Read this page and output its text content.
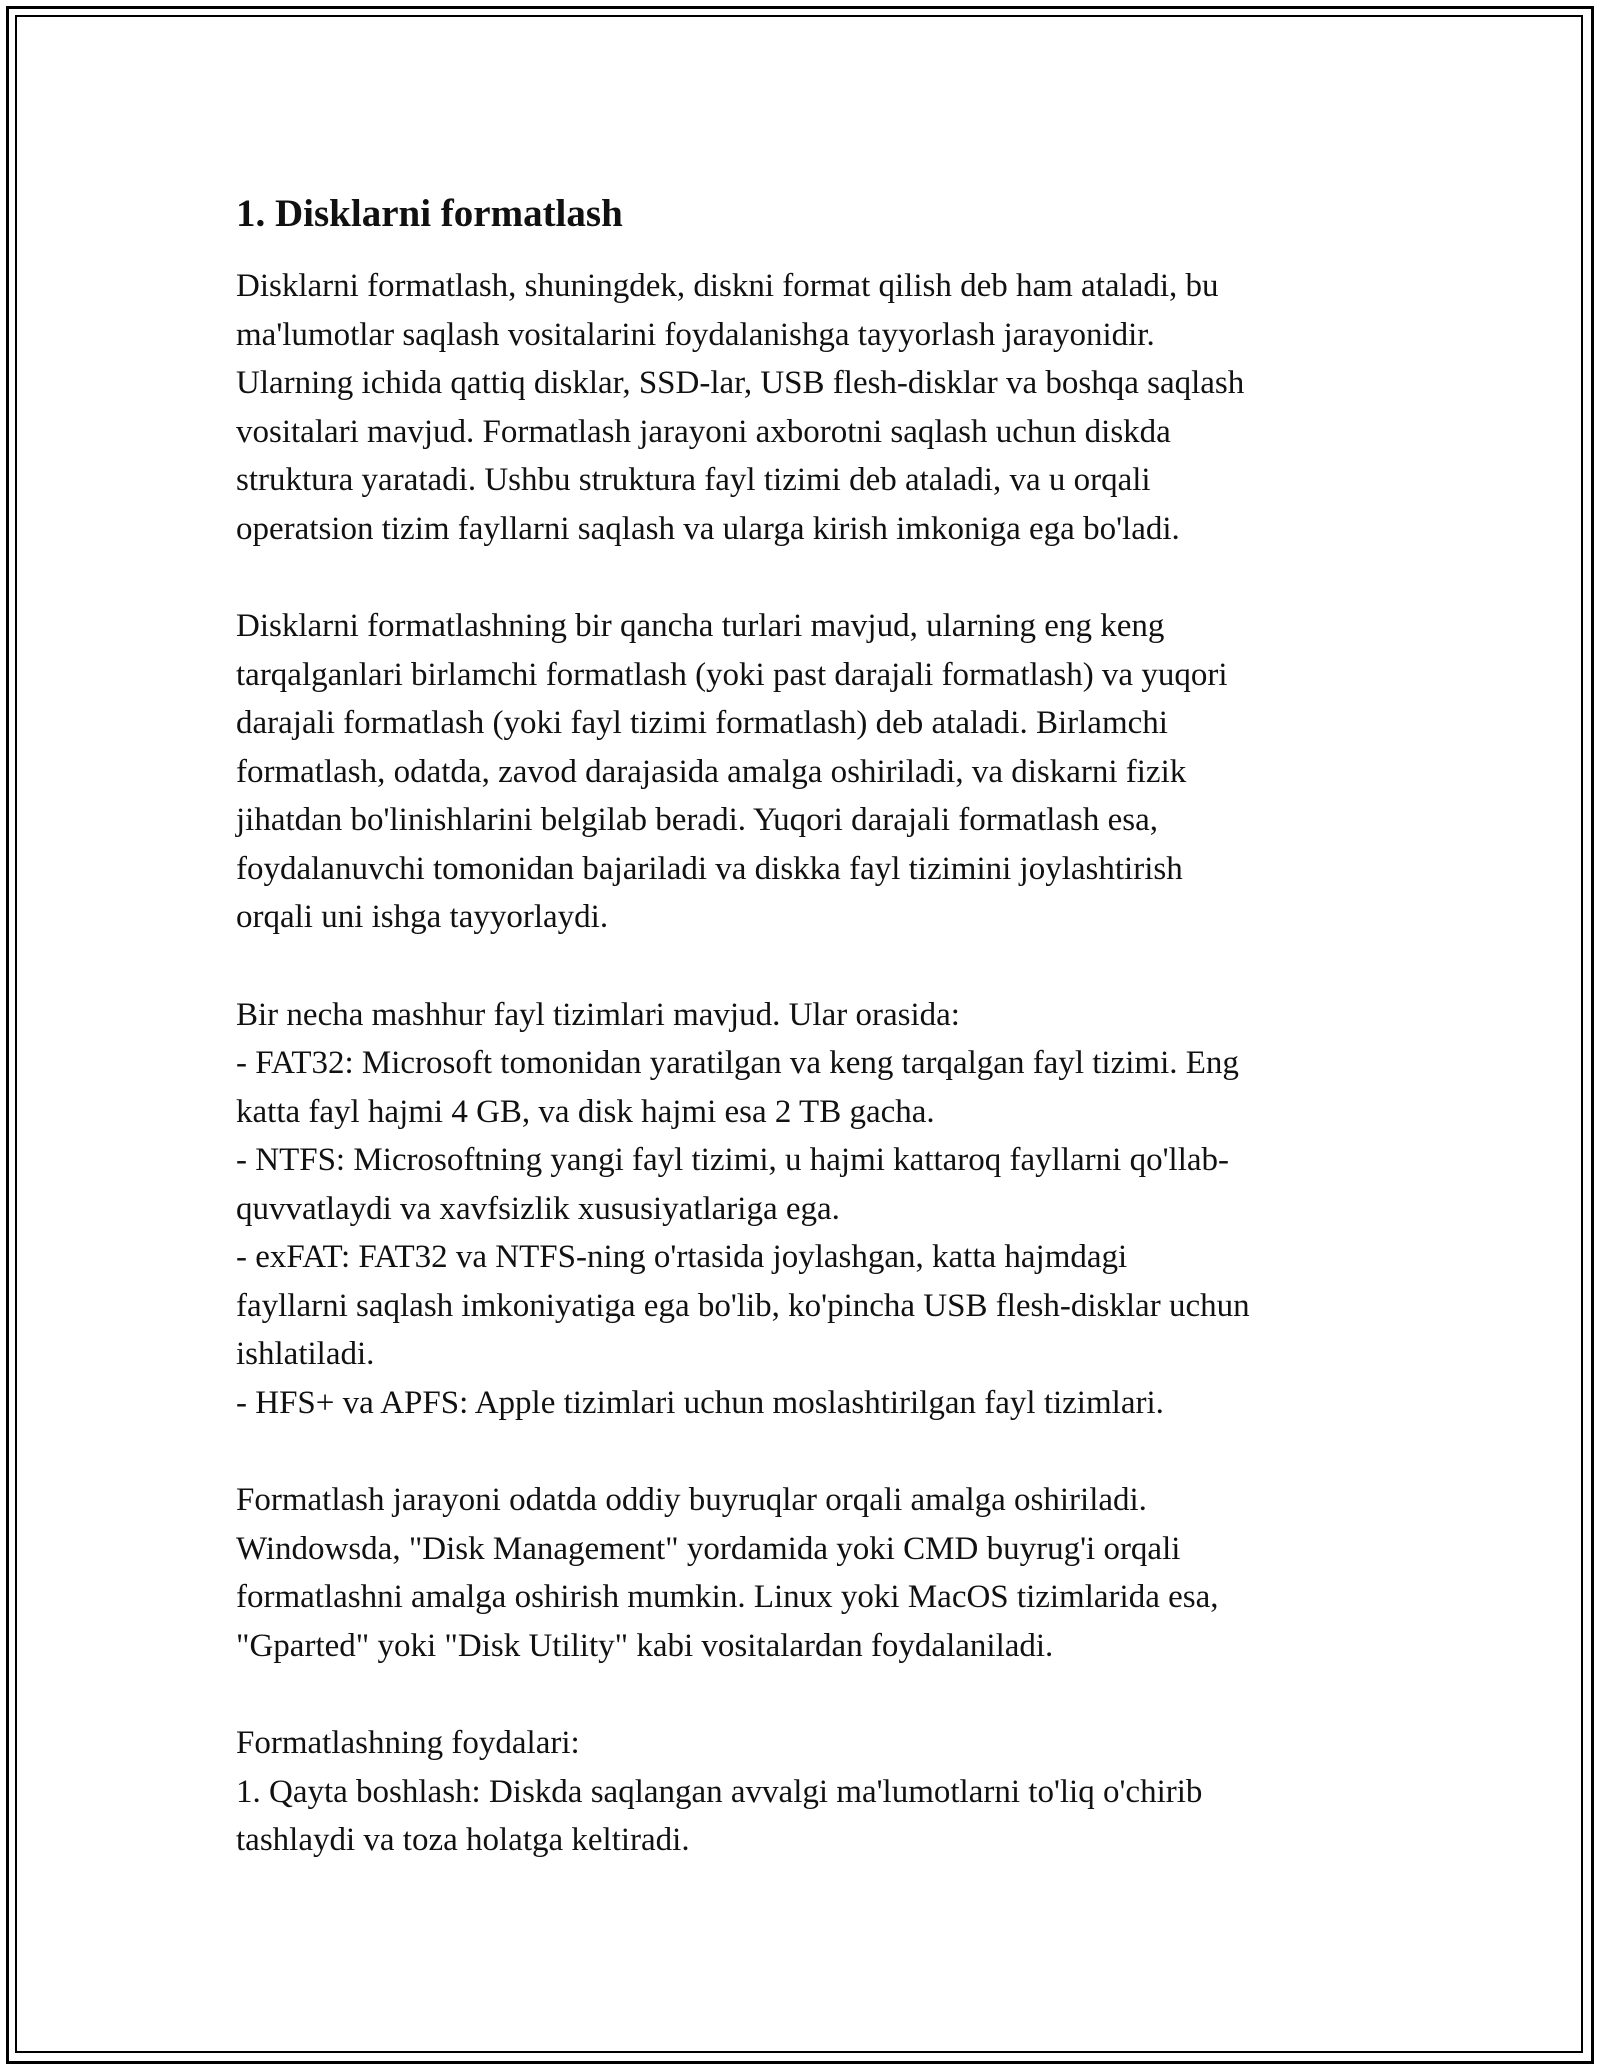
1. Disklarni formatlash

Disklarni formatlash, shuningdek, diskni format qilish deb ham ataladi, bu
ma'lumotlar saqlash vositalarini foydalanishga tayyorlash jarayonidir.
Ularning ichida qattiq disklar, SSD-lar, USB flesh-disklar va boshqa saqlash
vositalari mavjud. Formatlash jarayoni axborotni saqlash uchun diskda
struktura yaratadi. Ushbu struktura fayl tizimi deb ataladi, va u orqali
operatsion tizim fayllarni saqlash va ularga kirish imkoniga ega bo'ladi.

Disklarni formatlashning bir qancha turlari mavjud, ularning eng keng
tarqalganlari birlamchi formatlash (yoki past darajali formatlash) va yuqori
darajali formatlash (yoki fayl tizimi formatlash) deb ataladi. Birlamchi
formatlash, odatda, zavod darajasida amalga oshiriladi, va diskarni fizik
jihatdan bo'linishlarini belgilab beradi. Yuqori darajali formatlash esa,
foydalanuvchi tomonidan bajariladi va diskka fayl tizimini joylashtirish
orqali uni ishga tayyorlaydi.

Bir necha mashhur fayl tizimlari mavjud. Ular orasida:
- FAT32: Microsoft tomonidan yaratilgan va keng tarqalgan fayl tizimi. Eng
katta fayl hajmi 4 GB, va disk hajmi esa 2 TB gacha.
- NTFS: Microsoftning yangi fayl tizimi, u hajmi kattaroq fayllarni qo'llab-
quvvatlaydi va xavfsizlik xususiyatlariga ega.
- exFAT: FAT32 va NTFS-ning o'rtasida joylashgan, katta hajmdagi
fayllarni saqlash imkoniyatiga ega bo'lib, ko'pincha USB flesh-disklar uchun
ishlatiladi.
- HFS+ va APFS: Apple tizimlari uchun moslashtirilgan fayl tizimlari.

Formatlash jarayoni odatda oddiy buyruqlar orqali amalga oshiriladi.
Windowsda, "Disk Management" yordamida yoki CMD buyrug'i orqali
formatlashni amalga oshirish mumkin. Linux yoki MacOS tizimlarida esa,
"Gparted" yoki "Disk Utility" kabi vositalardan foydalaniladi.

Formatlashning foydalari:
1. Qayta boshlash: Diskda saqlangan avvalgi ma'lumotlarni to'liq o'chirib
tashlaydi va toza holatga keltiradi.
